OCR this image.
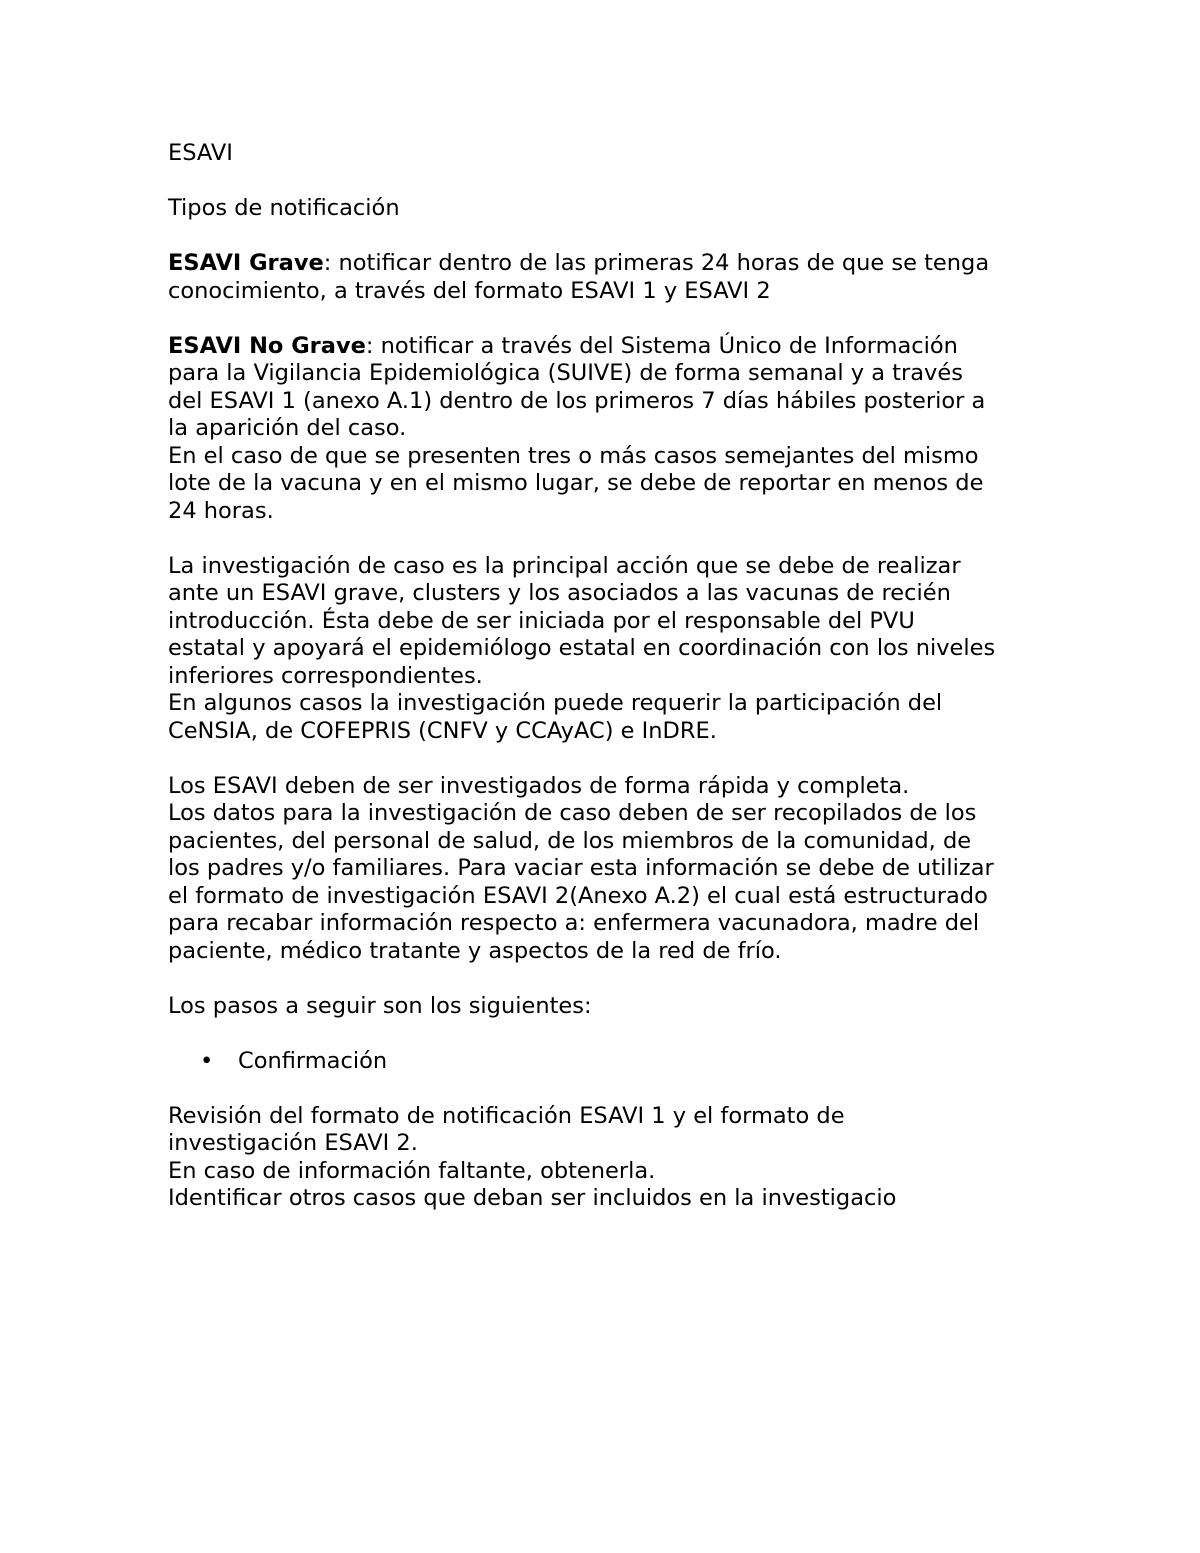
ESAVI

Tipos de notificación

ESAVI Grave: notificar dentro de las primeras 24 horas de que se tenga

conocimiento, a través del formato ESAVI 1 y ESAVI 2

ESAVI No Grave: notificar a través del Sistema Único de Información

para la Vigilancia Epidemiológica (SUIVE) de forma semanal y a través

del ESAVI 1 (anexo A.1) dentro de los primeros 7 días hábiles posterior a

la aparición del caso.

En el caso de que se presenten tres o más casos semejantes del mismo

lote de la vacuna y en el mismo lugar, se debe de reportar en menos de

24 horas.

La investigación de caso es la principal acción que se debe de realizar

ante un ESAVI grave, clusters y los asociados a las vacunas de recién

introducción. Ésta debe de ser iniciada por el responsable del PVU

estatal y apoyará el epidemiólogo estatal en coordinación con los niveles

inferiores correspondientes.

En algunos casos la investigación puede requerir la participación del

CeNSIA, de COFEPRIS (CNFV y CCAyAC) e InDRE.

Los ESAVI deben de ser investigados de forma rápida y completa.

Los datos para la investigación de caso deben de ser recopilados de los

pacientes, del personal de salud, de los miembros de la comunidad, de

los padres y/o familiares. Para vaciar esta información se debe de utilizar

el formato de investigación ESAVI 2(Anexo A.2) el cual está estructurado

para recabar información respecto a: enfermera vacunadora, madre del

paciente, médico tratante y aspectos de la red de frío.

Los pasos a seguir son los siguientes:

• Confirmación

Revisión del formato de notificación ESAVI 1 y el formato de

investigación ESAVI 2.

En caso de información faltante, obtenerla.

Identificar otros casos que deban ser incluidos en la investigacio
